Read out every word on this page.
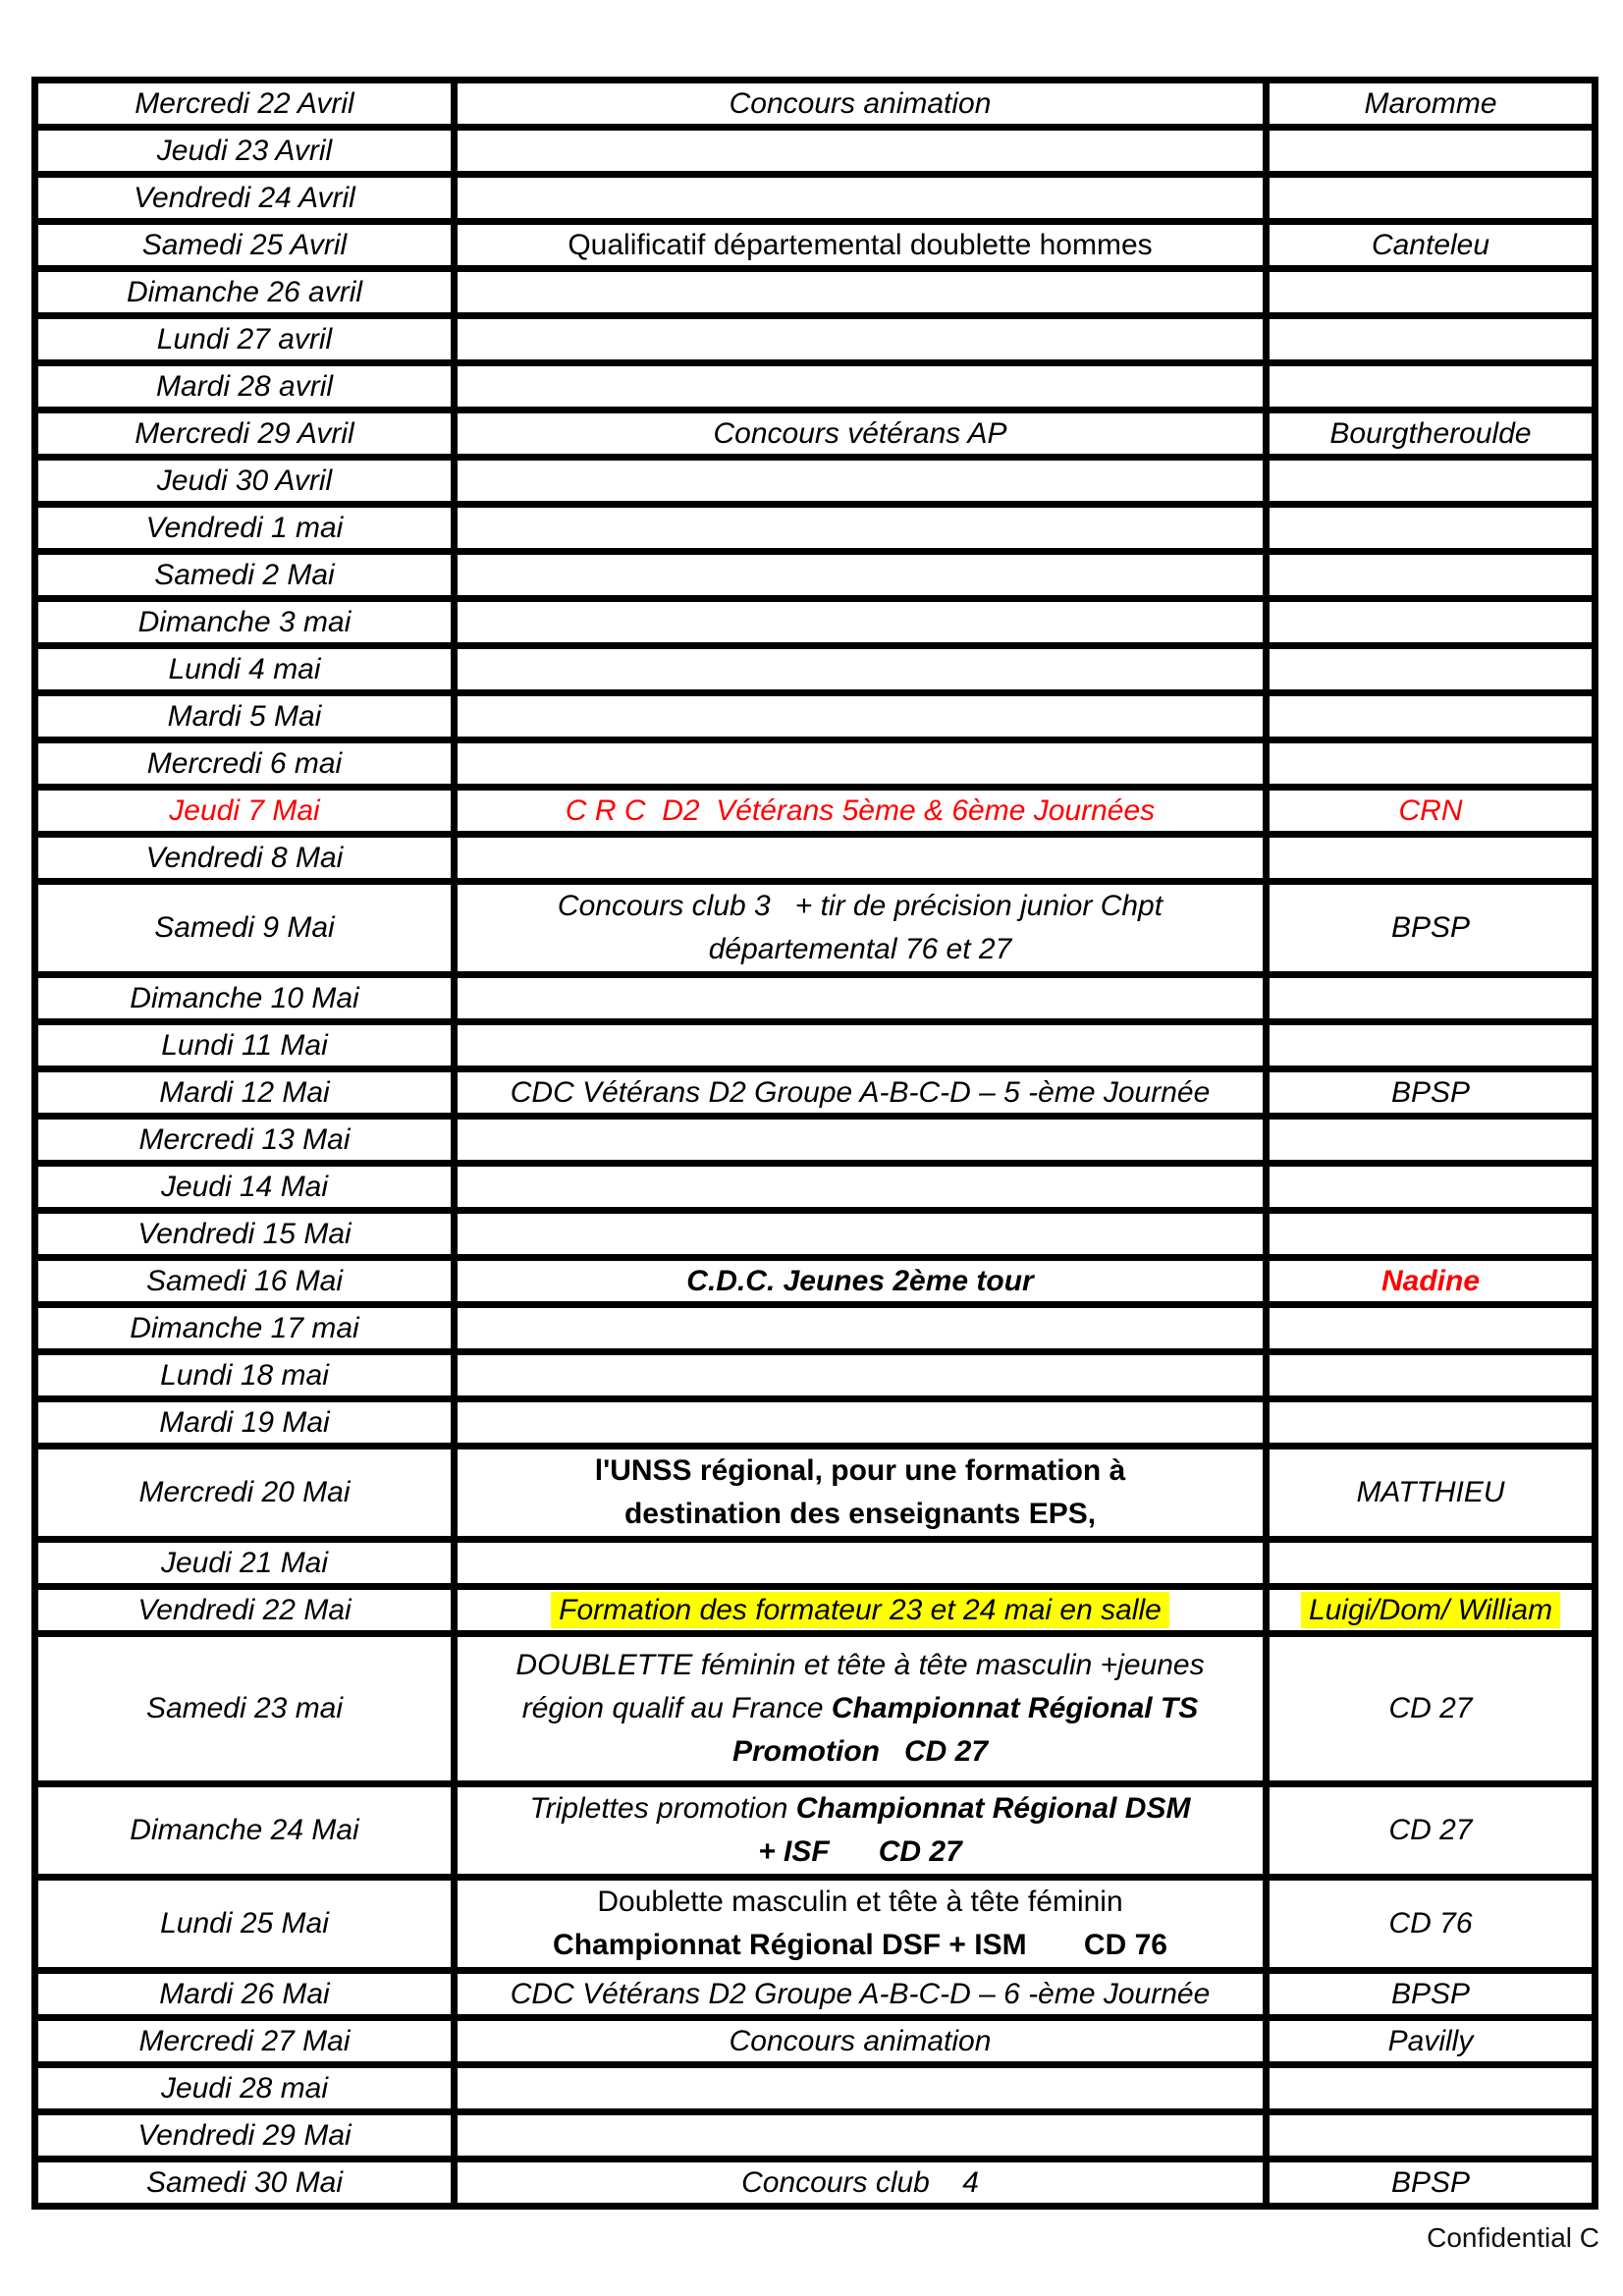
Mercredi 22 Avril	Concours animation	Maromme

Jeudi 23 Avril		

Vendredi 24 Avril		

Samedi 25 Avril	Qualificatif départemental doublette hommes	Canteleu

Dimanche 26 avril		

Lundi 27 avril		

Mardi 28 avril		

Mercredi 29 Avril	Concours vétérans AP	Bourgtheroulde

Jeudi 30 Avril		

Vendredi 1 mai		

Samedi 2 Mai		

Dimanche 3 mai		

Lundi 4 mai		

Mardi 5 Mai		

Mercredi 6 mai		

Jeudi 7 Mai	C R C  D2  Vétérans 5ème & 6ème Journées	CRN

Vendredi 8 Mai		

Samedi 9 Mai	Concours club 3   + tir de précision junior Chpt
départemental 76 et 27	BPSP

Dimanche 10 Mai		

Lundi 11 Mai		

Mardi 12 Mai	CDC Vétérans D2 Groupe A-B-C-D – 5 -ème Journée	BPSP

Mercredi 13 Mai		

Jeudi 14 Mai		

Vendredi 15 Mai		

Samedi 16 Mai	C.D.C. Jeunes 2ème tour	Nadine

Dimanche 17 mai		

Lundi 18 mai		

Mardi 19 Mai		

Mercredi 20 Mai	l'UNSS régional, pour une formation à
destination des enseignants EPS,	MATTHIEU

Jeudi 21 Mai		

Vendredi 22 Mai	Formation des formateur 23 et 24 mai en salle	Luigi/Dom/ William

Samedi 23 mai	DOUBLETTE féminin et tête à tête masculin +jeunes
région qualif au France Championnat Régional TS
Promotion   CD 27	CD 27

Dimanche 24 Mai	Triplettes promotion Championnat Régional DSM
+ ISF      CD 27	CD 27

Lundi 25 Mai	Doublette masculin et tête à tête féminin
Championnat Régional DSF + ISM       CD 76	CD 76

Mardi 26 Mai	CDC Vétérans D2 Groupe A-B-C-D – 6 -ème Journée	BPSP

Mercredi 27 Mai	Concours animation	Pavilly

Jeudi 28 mai		

Vendredi 29 Mai		

Samedi 30 Mai	Concours club    4	BPSP
Confidential C
